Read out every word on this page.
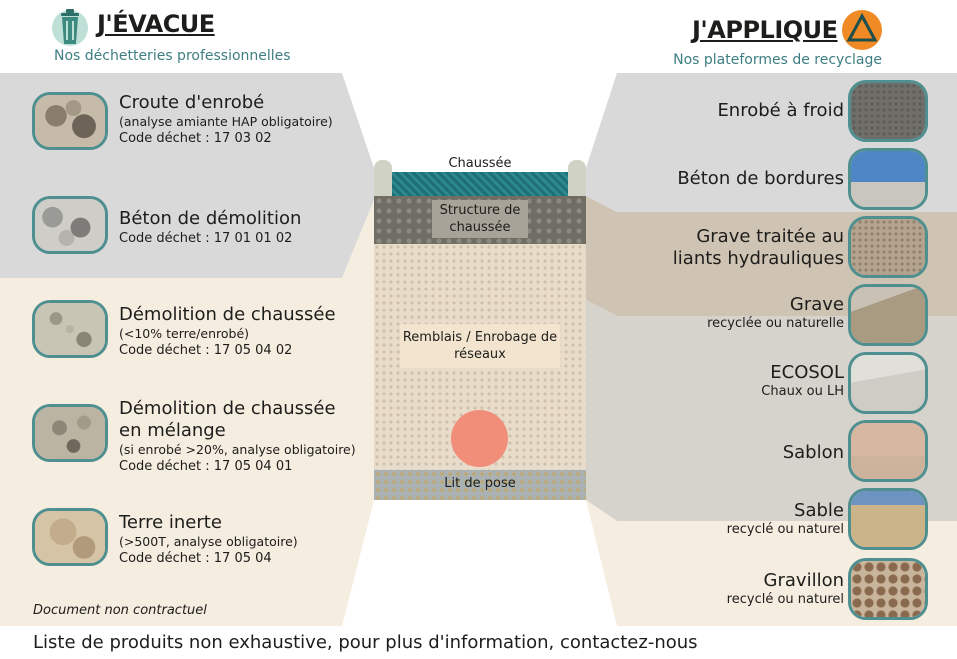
J'ÉVACUE
Nos déchetteries professionnelles
J'APPLIQUE
Nos plateformes de recyclage
Croute d'enrobé
(analyse amiante HAP obligatoire)
Code déchet : 17 03 02
Béton de démolition
Code déchet : 17 01 01 02
Démolition de chaussée
(<10% terre/enrobé)
Code déchet : 17 05 04 02
Démolition de chaussée en mélange
(si enrobé >20%, analyse obligatoire)
Code déchet : 17 05 04 01
Terre inerte
(>500T, analyse obligatoire)
Code déchet : 17 05 04
Document non contractuel
Chaussée
Structure de chaussée
Remblais / Enrobage de réseaux
Lit de pose
Enrobé à froid
Béton de bordures
Grave traitée au liants hydrauliques
Grave
recyclée ou naturelle
ECOSOL
Chaux ou LH
Sablon
Sable
recyclé ou naturel
Gravillon
recyclé ou naturel
Liste de produits non exhaustive, pour plus d'information, contactez-nous
